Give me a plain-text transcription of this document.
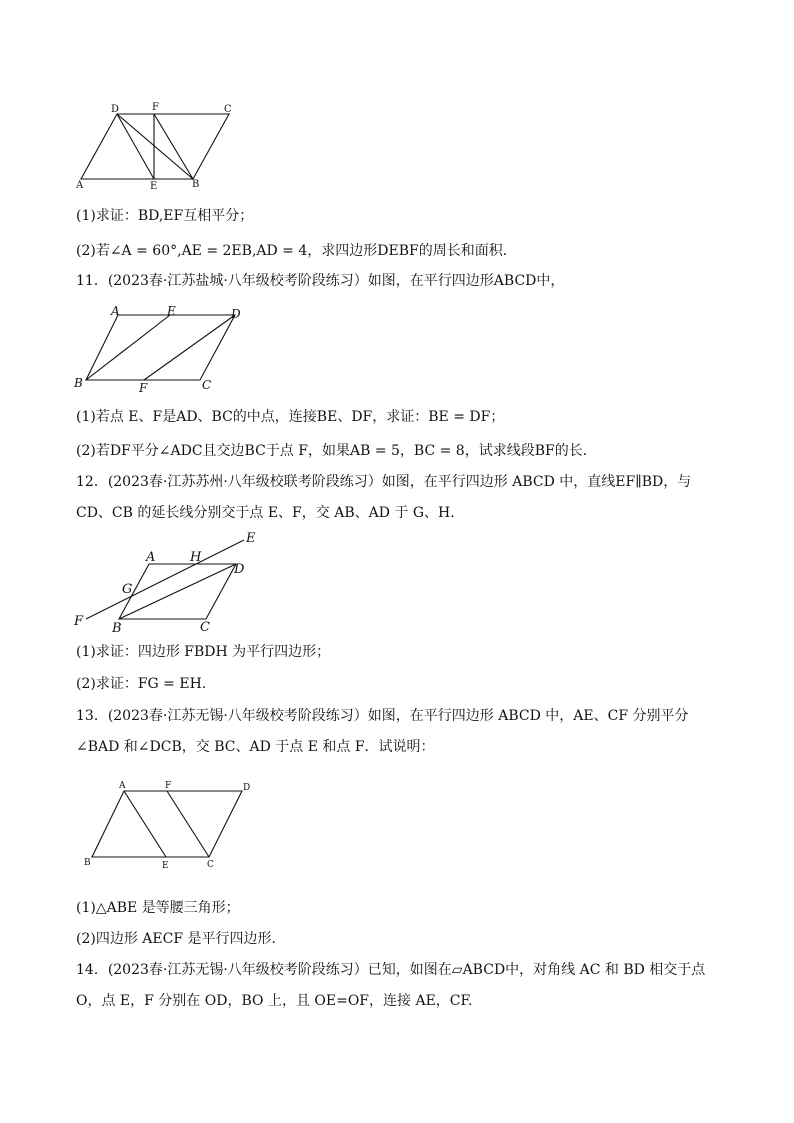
D	F	C
A	E	B
(1)求证：BD,EF互相平分；
(2)若∠A = 60°,AE = 2EB,AD = 4，求四边形DEBF的周长和面积．
11．(2023春·江苏盐城·八年级校考阶段练习）如图，在平行四边形ABCD中，
A	E	D
B	F	C
(1)若点 E、F是AD、BC的中点，连接BE、DF，求证：BE = DF；
(2)若DF平分∠ADC且交边BC于点 F，如果AB = 5，BC = 8，试求线段BF的长．
12．(2023春·江苏苏州·八年级校联考阶段练习）如图，在平行四边形 ABCD 中，直线EF∥BD，与 CD、CB 的延长线分别交于点 E、F，交 AB、AD 于 G、H.
E
A	H
D
G
F B	C
(1)求证：四边形 FBDH 为平行四边形；
(2)求证：FG = EH.
13．(2023春·江苏无锡·八年级校考阶段练习）如图，在平行四边形 ABCD 中，AE、CF 分别平分∠BAD 和∠DCB，交 BC、AD 于点 E 和点 F．试说明：
A	F	D
B	E	C
(1)△ABE 是等腰三角形；
(2)四边形 AECF 是平行四边形．
14．(2023春·江苏无锡·八年级校考阶段练习）已知，如图在▱ABCD中，对角线 AC 和 BD 相交于点 O，点 E，F 分别在 OD，BO 上，且 OE=OF，连接 AE，CF.
